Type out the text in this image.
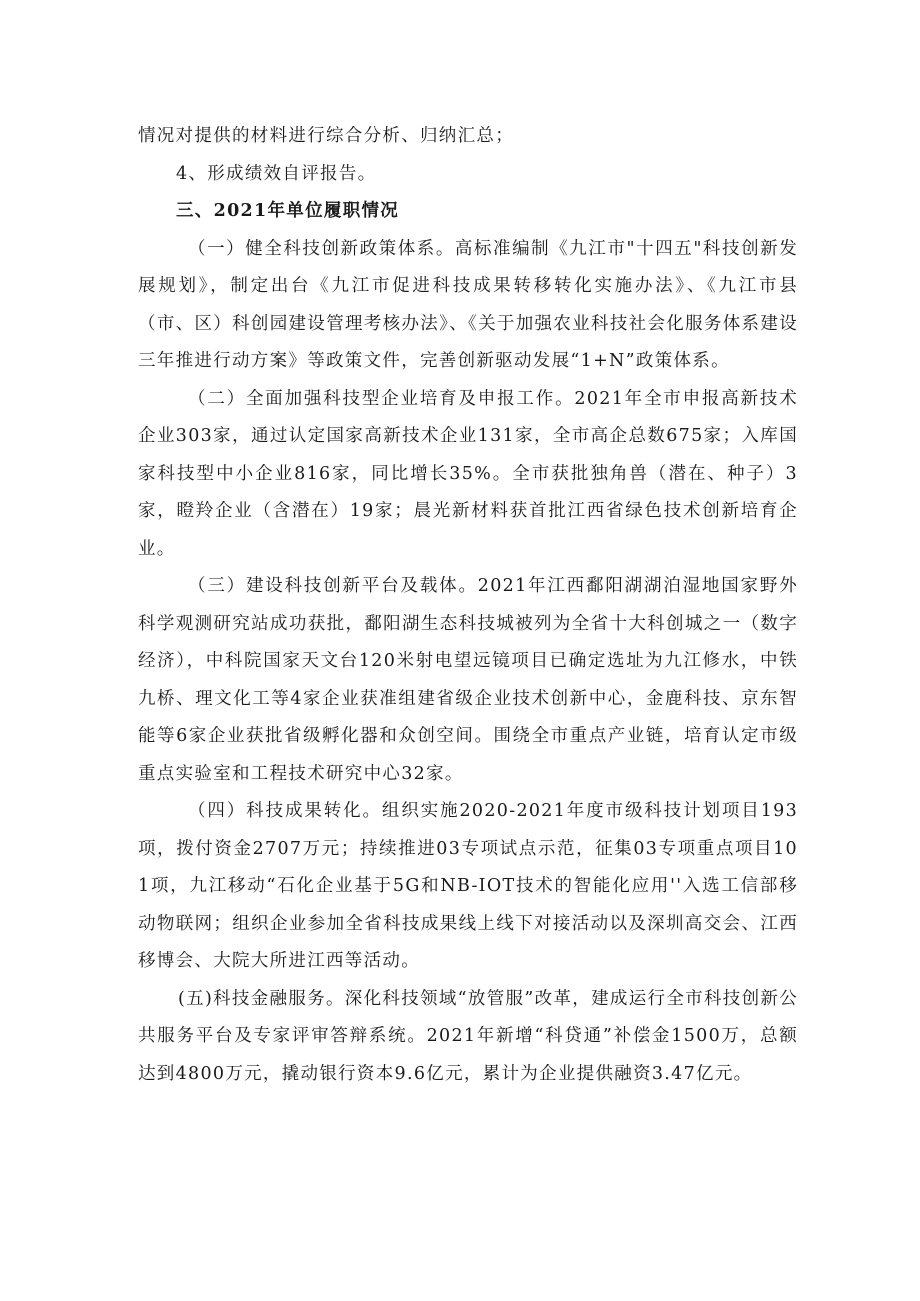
情况对提供的材料进行综合分析、归纳汇总；

4、形成绩效自评报告。

三、2021年单位履职情况

（一）健全科技创新政策体系。高标准编制《九江市"十四五"科技创新发展规划》，制定出台《九江市促进科技成果转移转化实施办法》、《九江市县（市、区）科创园建设管理考核办法》、《关于加强农业科技社会化服务体系建设三年推进行动方案》等政策文件，完善创新驱动发展“1+N”政策体系。

（二）全面加强科技型企业培育及申报工作。2021年全市申报高新技术企业303家，通过认定国家高新技术企业131家，全市高企总数675家；入库国家科技型中小企业816家，同比增长35%。全市获批独角兽（潜在、种子）3家，瞪羚企业（含潜在）19家；晨光新材料获首批江西省绿色技术创新培育企业。

（三）建设科技创新平台及载体。2021年江西鄱阳湖湖泊湿地国家野外科学观测研究站成功获批，鄱阳湖生态科技城被列为全省十大科创城之一（数字经济），中科院国家天文台120米射电望远镜项目已确定选址为九江修水，中铁九桥、理文化工等4家企业获准组建省级企业技术创新中心，金鹿科技、京东智能等6家企业获批省级孵化器和众创空间。围绕全市重点产业链，培育认定市级重点实验室和工程技术研究中心32家。

（四）科技成果转化。组织实施2020-2021年度市级科技计划项目193项，拨付资金2707万元；持续推进03专项试点示范，征集03专项重点项目101项，九江移动“石化企业基于5G和NB-IOT技术的智能化应用''入选工信部移动物联网；组织企业参加全省科技成果线上线下对接活动以及深圳高交会、江西移博会、大院大所进江西等活动。

(五)科技金融服务。深化科技领域“放管服”改革，建成运行全市科技创新公共服务平台及专家评审答辩系统。2021年新增“科贷通”补偿金1500万，总额达到4800万元，撬动银行资本9.6亿元，累计为企业提供融资3.47亿元。
